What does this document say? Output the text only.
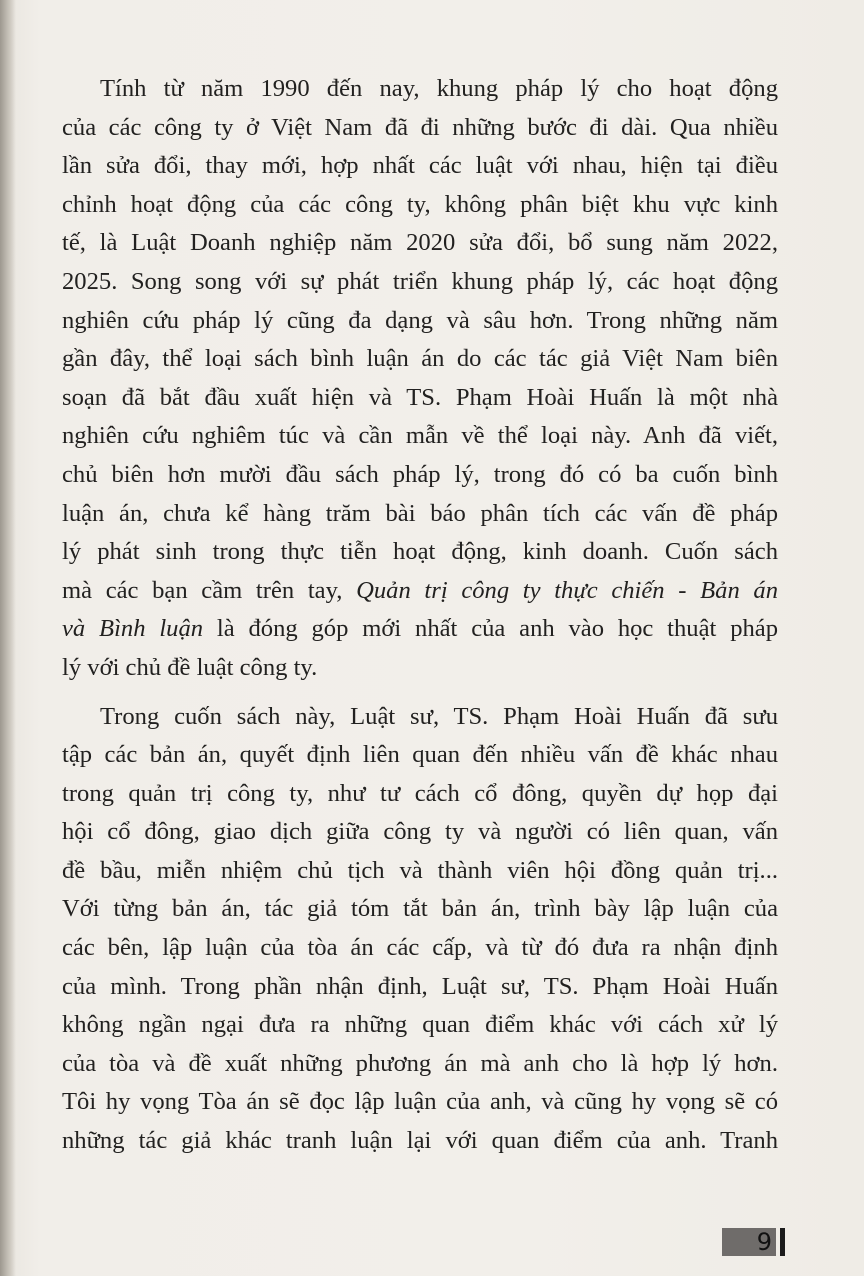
Tính từ năm 1990 đến nay, khung pháp lý cho hoạt động
của các công ty ở Việt Nam đã đi những bước đi dài. Qua nhiều
lần sửa đổi, thay mới, hợp nhất các luật với nhau, hiện tại điều
chỉnh hoạt động của các công ty, không phân biệt khu vực kinh
tế, là Luật Doanh nghiệp năm 2020 sửa đổi, bổ sung năm 2022,
2025. Song song với sự phát triển khung pháp lý, các hoạt động
nghiên cứu pháp lý cũng đa dạng và sâu hơn. Trong những năm
gần đây, thể loại sách bình luận án do các tác giả Việt Nam biên
soạn đã bắt đầu xuất hiện và TS. Phạm Hoài Huấn là một nhà
nghiên cứu nghiêm túc và cần mẫn về thể loại này. Anh đã viết,
chủ biên hơn mười đầu sách pháp lý, trong đó có ba cuốn bình
luận án, chưa kể hàng trăm bài báo phân tích các vấn đề pháp
lý phát sinh trong thực tiễn hoạt động, kinh doanh. Cuốn sách
mà các bạn cầm trên tay, Quản trị công ty thực chiến - Bản án
và Bình luận là đóng góp mới nhất của anh vào học thuật pháp
lý với chủ đề luật công ty.
Trong cuốn sách này, Luật sư, TS. Phạm Hoài Huấn đã sưu
tập các bản án, quyết định liên quan đến nhiều vấn đề khác nhau
trong quản trị công ty, như tư cách cổ đông, quyền dự họp đại
hội cổ đông, giao dịch giữa công ty và người có liên quan, vấn
đề bầu, miễn nhiệm chủ tịch và thành viên hội đồng quản trị...
Với từng bản án, tác giả tóm tắt bản án, trình bày lập luận của
các bên, lập luận của tòa án các cấp, và từ đó đưa ra nhận định
của mình. Trong phần nhận định, Luật sư, TS. Phạm Hoài Huấn
không ngần ngại đưa ra những quan điểm khác với cách xử lý
của tòa và đề xuất những phương án mà anh cho là hợp lý hơn.
Tôi hy vọng Tòa án sẽ đọc lập luận của anh, và cũng hy vọng sẽ có
những tác giả khác tranh luận lại với quan điểm của anh. Tranh
9
